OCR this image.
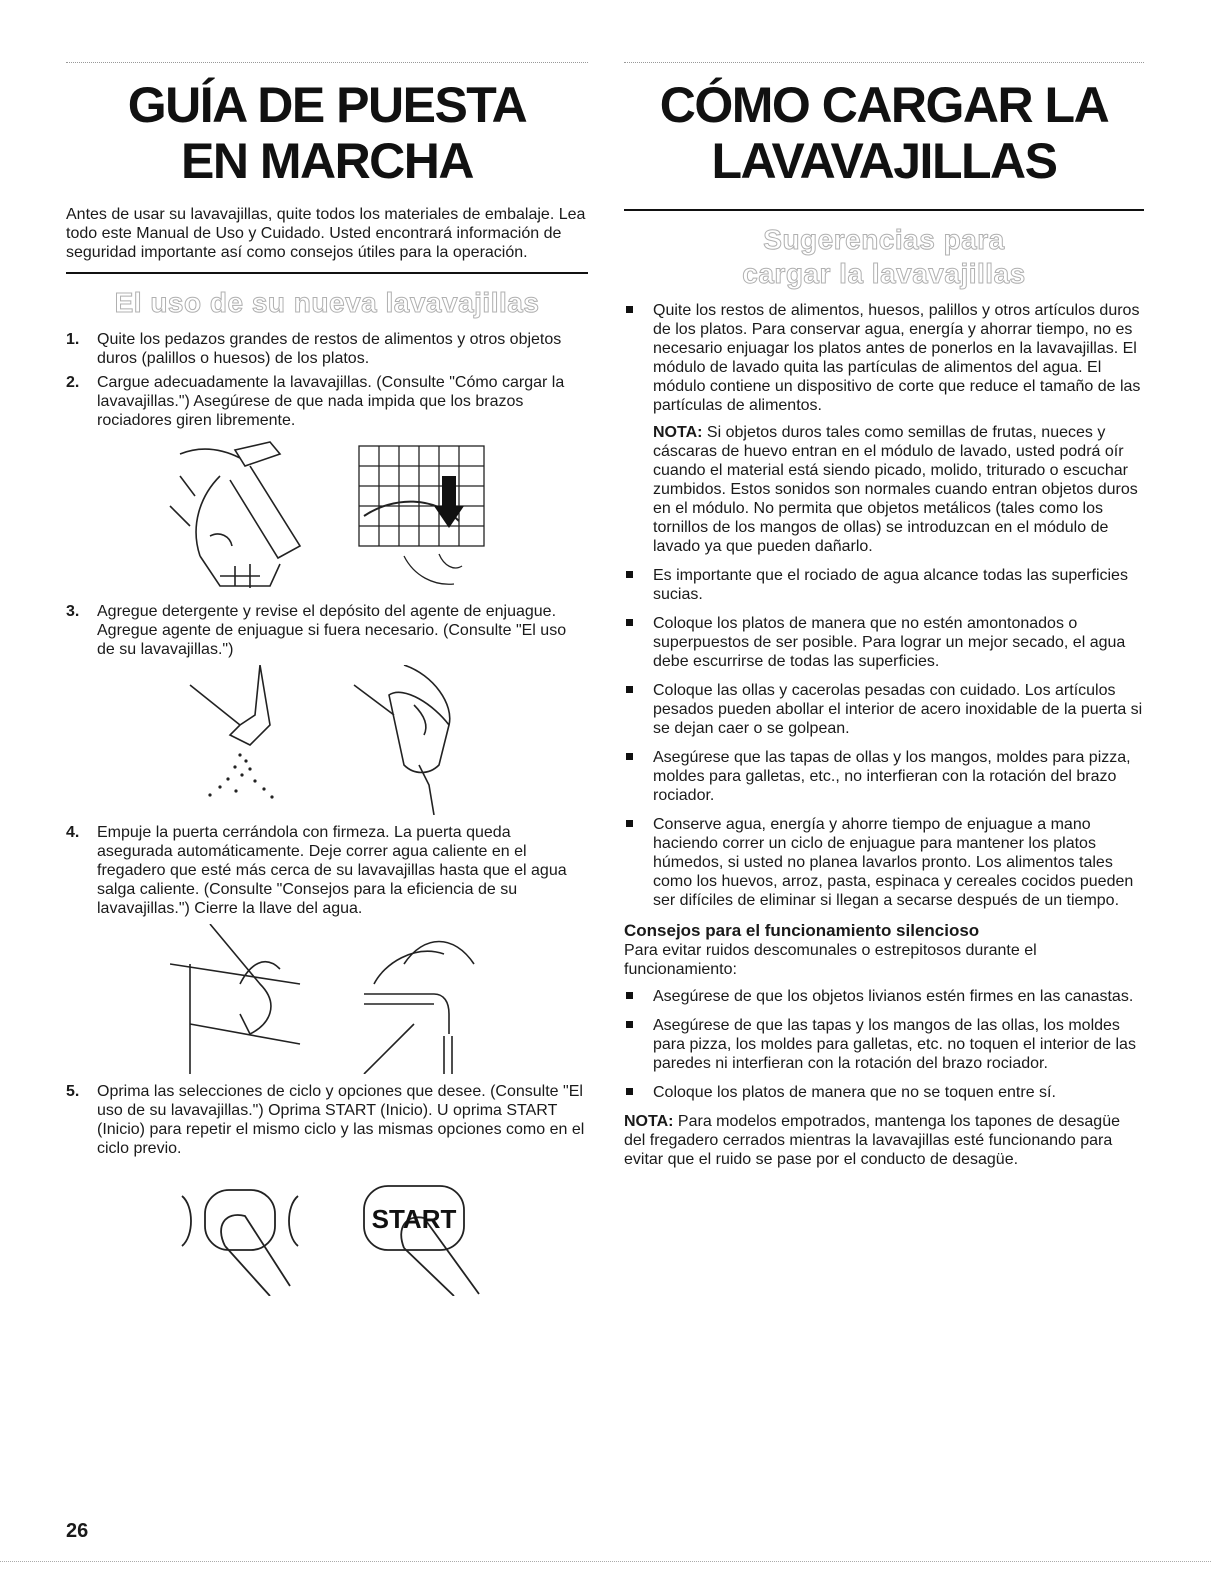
GUÍA DE PUESTA
EN MARCHA

Antes de usar su lavavajillas, quite todos los materiales de embalaje. Lea todo este Manual de Uso y Cuidado. Usted encontrará información de seguridad importante así como consejos útiles para la operación.

El uso de su nueva lavavajillas
1. Quite los pedazos grandes de restos de alimentos y otros objetos duros (palillos o huesos) de los platos.
2. Cargue adecuadamente la lavavajillas. (Consulte "Cómo cargar la lavavajillas.") Asegúrese de que nada impida que los brazos rociadores giren libremente.
3. Agregue detergente y revise el depósito del agente de enjuague. Agregue agente de enjuague si fuera necesario. (Consulte "El uso de su lavavajillas.")
4. Empuje la puerta cerrándola con firmeza. La puerta queda asegurada automáticamente. Deje correr agua caliente en el fregadero que esté más cerca de su lavavajillas hasta que el agua salga caliente. (Consulte "Consejos para la eficiencia de su lavavajillas.") Cierre la llave del agua.
5. Oprima las selecciones de ciclo y opciones que desee. (Consulte "El uso de su lavavajillas.") Oprima START (Inicio). U oprima START (Inicio) para repetir el mismo ciclo y las mismas opciones como en el ciclo previo.
START
CÓMO CARGAR LA
LAVAVAJILLAS
Sugerencias para
cargar la lavavajillas
Quite los restos de alimentos, huesos, palillos y otros artículos duros de los platos. Para conservar agua, energía y ahorrar tiempo, no es necesario enjuagar los platos antes de ponerlos en la lavavajillas. El módulo de lavado quita las partículas de alimentos del agua. El módulo contiene un dispositivo de corte que reduce el tamaño de las partículas de alimentos.
NOTA: Si objetos duros tales como semillas de frutas, nueces y cáscaras de huevo entran en el módulo de lavado, usted podrá oír cuando el material está siendo picado, molido, triturado o escuchar zumbidos. Estos sonidos son normales cuando entran objetos duros en el módulo. No permita que objetos metálicos (tales como los tornillos de los mangos de ollas) se introduzcan en el módulo de lavado ya que pueden dañarlo.
Es importante que el rociado de agua alcance todas las superficies sucias.
Coloque los platos de manera que no estén amontonados o superpuestos de ser posible. Para lograr un mejor secado, el agua debe escurrirse de todas las superficies.
Coloque las ollas y cacerolas pesadas con cuidado. Los artículos pesados pueden abollar el interior de acero inoxidable de la puerta si se dejan caer o se golpean.
Asegúrese que las tapas de ollas y los mangos, moldes para pizza, moldes para galletas, etc., no interfieran con la rotación del brazo rociador.
Conserve agua, energía y ahorre tiempo de enjuague a mano haciendo correr un ciclo de enjuague para mantener los platos húmedos, si usted no planea lavarlos pronto. Los alimentos tales como los huevos, arroz, pasta, espinaca y cereales cocidos pueden ser difíciles de eliminar si llegan a secarse después de un tiempo.
Consejos para el funcionamiento silencioso

Para evitar ruidos descomunales o estrepitosos durante el funcionamiento:

Asegúrese de que los objetos livianos estén firmes en las canastas.
Asegúrese de que las tapas y los mangos de las ollas, los moldes para pizza, los moldes para galletas, etc. no toquen el interior de las paredes ni interfieran con la rotación del brazo rociador.
Coloque los platos de manera que no se toquen entre sí.

NOTA: Para modelos empotrados, mantenga los tapones de desagüe del fregadero cerrados mientras la lavavajillas esté funcionando para evitar que el ruido se pase por el conducto de desagüe.

26
